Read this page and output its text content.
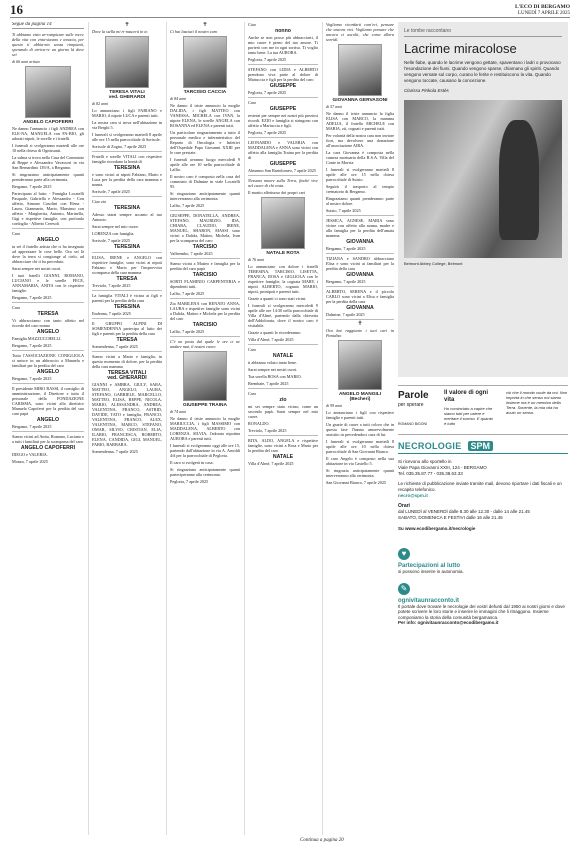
16	L'ECO DI BERGAMO
LUNEDÌ 7 APRILE 2025
Segue da pagina 14

Ti abbiamo visto ar-rampicare sulle rocce della vita con entu-siasmo e tenacia, per questo ti abbia-mo senza rimpianti, sperando di arriva-re un giorno là dove sei

di 66 anni artista

ANGELO CAPOFERRI

Ne danno l'annuncio i figli ANDREA con ELE-NA, MANUELA con FA-BIO, gli adorati nipoti, le sorelle e i fratelli.

I funerali si svolgeranno martedì alle ore 10 nella chiesa di Ognissanti.

La salma si trova nella Casa del Commiato di Beppe e Alessandro Vavassori in via San Bernardino 139/A, a Bergamo.

Si ringraziano anticipatamente quanti prenderanno parte alla cerimonia.

Bergamo, 7 aprile 2025

Partecipano al lutto: - Famiglia Locatelli Pasquale, Gabriella e Alessandro - Con affetto, Simone Casolini con Elena - Laura, Gianmario, Mario, Massimo con affetto - Margherita, Antonio, Marinella, Gigi e rispettive famiglie, con profondo cordoglio - Alberto Ceresoli

Caro

ANGELO

tu sei il fratello artista che ci ha insegnato ad apprezzare le cose belle. Ora sei là dove la terra si congiunge al cielo, ad abbracciare chi ti ha preceduto.

Sarai sempre nei nostri cuori.

I tuoi fratelli GIANNI, ROMANO, LUCIANO e le sorelle FECE, ANNAMARIA, ANITA con le rispettive famiglie.

Bergamo, 7 aprile 2025

Cara

TERESA

Vi abbracciamo con tanto affetto nel ricordo del caro nonno

ANGELO

Famiglia MAZZUCCHELLI.

Bergamo, 7 aprile 2025

Tutta l'ASSOCIAZIONE CONIGLIOLA si unisce in un abbraccio a Manuela e familiari per la perdita del caro

ANGELO

Bergamo, 7 aprile 2025

Il presidente MIRO BASSI, il consiglio di amministrazione, il Direttore e tutto il personale della FONDAZIONE CARISMA, sono vicini alla direttrice Manuela Capoferri per la perdita del suo caro papà

ANGELO

Bergamo, 7 aprile 2025

Siamo vicini ad Anita, Romano, Luciano e a tutti i familiari per la scomparsa del caro

ANGELO CAPOFERRI

DIEGO e VALERIA.

Monza, 7 aprile 2025

✝

Dove la stella mi ri-nascerà in te.

TERESA VITALI
ved. GHERARDI

di 82 anni

Lo annunciano i figli FABIANO e MARIO, il nipote LUCA e parenti tutti.

La nostra cara si trova nell'abitazione in via Berghi 5.

I funerali si svolgeranno martedì 8 aprile alle ore 15 nella parrocchiale di Sorisole.

Sorisole di Zogno, 7 aprile 2025

Fratelli e sorelle VITALI con rispettive famiglie ricordano la bontà di

TERESINA

e sono vicini ai nipoti Fabiano, Mario e Luca per la perdita della cara mamma e nonna.

Sorisole, 7 aprile 2025

Ciao zia

TERESINA

Adesso starai sempre accanto al tuo Antonio.

Sarai sempre nel mio cuore.

LORENZA con famiglia.

Sorisole, 7 aprile 2025

TERESINA

ELISA, IRENE e ANGELO con rispettive famiglie, sono vicini ai nipoti Fabiano e Mario per l'improvvisa scomparsa della cara mamma

TERESA

Treviolo, 7 aprile 2025

La famiglia VITALI è vicina ai figli e parenti per la perdita della cara

TERESINA

Endenna, 7 aprile 2025

Il GRUPPO ALPINI DI SOMENDENNA partecipa al lutto dei figli e parenti per la perdita della cara

TERESA

Somendenna, 7 aprile 2025

Siamo vicini a Mario e famiglia, in questo momento di dolore, per la perdita della cara mamma

TERESA VITALI
ved. GHERARDI

GIANNI e AMBRA, GIULY, SARA, MATTEO, ANGELO, LAURA, STEFANO, GABRIELE, MARCELLO, MATTEO, ELISA, BEPPE, NICOLA, MARIO, ALESSANDRA, ANDREA, VALENTINA, FRANCO, ASTRID, DAVIDE, TATO e famiglia, FRANCO, VALENTINA, FRANCO, ALEX, VALENTINA, MARCO, STEFANO, OMAR, SILVIO, CRISTIAN, ELIA, ILARIO, FRANCESCA, ROBERTO, ELENA, CANDIDA, GIGI, MANUEL, FABIO, BARBARA.

Somendenna, 7 aprile 2025

✝

Ci hai lasciati il nostro caro

TARCISIO CACCIA

di 84 anni

Ne danno il triste annuncio la moglie DALIDA, i figli MATTEO con VANESSA, MICHELA con IVAN, la nipote ELENA, le sorelle ANGELA con ROSANNA ed ELENA e parenti tutti.

Un particolare ringraziamento a tutto il personale medico e infermieristico del Reparto di Oncologia e Infettivi dell'Ospedale Papa Giovanni XXIII per le cure prestate.

I funerali avranno luogo mercoledì 9 aprile alle ore 10 nella parrocchiale di Lallio.

Il nostro caro è composto nella casa del commiato di Dalmine in viale Locatelli 95.

Si ringraziano anticipatamente quanti interverranno alla cerimonia.

Lallio, 7 aprile 2025

GIUSEPPE, DONATELLA, ANDREA, STEFANO, MAURIZIO, IDA, CHIARA, CLAUDIO, IRENE, MANUEL, SHARON, MASSI sono vicini a Dalida, Matteo, Michela, Ivan per la scomparsa del caro

TARCISIO

Valbrembo, 7 aprile 2025

Siamo vicini a Matteo e famiglia per la perdita del caro papà

TARCISIO

SORTI FLAMINIO CARPENTERIA e dipendenti tutti.

Lallio, 7 aprile 2025

Zia MARILENA con RENATO ANNA, LAURA e rispettive famiglie sono vicini a Dalida, Matteo e Michela per la perdita del caro

TARCISIO

Lallio, 7 aprile 2025

C'è un posto dal quale le ore ci ne andare mai, il nostro cuore.

GIUSEPPE TRAINA

di 74 anni

Ne danno il triste annuncio la moglie MARIUCCIA, i figli MASSIMO con MADDALENA, ALBERTO con LORENZA, SILVIA, l'adorata nipotina AURORA e parenti tutti.

I funerali si svolgeranno oggi alle ore 15, partendo dall'abitazione in via A. Arnoldi 4/d per la parrocchiale di Pegloria.

Il caro si svolgerà in casa.

Si ringraziano anticipatamente quanti parteciperanno alla cerimonia.

Pegloria, 7 aprile 2025

Ciao

nonno

Anche se non posso più abbracciarti, il mio cuore è pieno del tuo amore. Ti porterò con me in ogni sorriso. Ti voglio tanto bene. La tua AURORA.

Pegloria, 7 aprile 2025

STEFANO con LIDIA e ALBERTO prendono viva parte al dolore di Mariuccia e figli per la perdita del caro

GIUSEPPE

Pegloria, 7 aprile 2025

Caro

GIUSEPPE

resterai per sempre nei nostri più preziosi ricordi. EZIO e famiglia si stringono con affetto a Mariuccia e figli.

Pegloria, 7 aprile 2025

LEONARDO e VALERIA con MADDALENA e ANNA sono vicini con affetto alla famiglia Traina per la perdita di

GIUSEPPE

Almenno San Bartolomeo, 7 aprile 2025

Nessuno muore sulla Terra, finché vive nel cuore di chi resta.

Il marito affettuoso dei propri cari

NATALE ROTA

di 76 anni

Lo annunciano con dolore i fratelli TERESINA, TARCISIO, LISETTA, FRANCA, ROSA e GIGLIOLA con le rispettive famiglie, la cognata MARY, i nipoti ALBERTO, cognato MARIO, nipoti, pronipoti e parenti tutti.

Grazie a quanti ci sono stati vicini.

I funerali si svolgeranno mercoledì 9 aprile alle ore 14:30 nella parrocchiale di Villa d'Almè, partendo dalla chiesetta dell'Addolorata, dove il nostro caro è visitabile.

Grazie a quanti lo ricorderanno.

Villa d'Almè, 7 aprile 2025

Caro

NATALE

ti abbiamo voluto tanto bene.

Sarai sempre nei nostri cuori.

Tua sorella ROSA con MARIO.

Brembate, 7 aprile 2025

Caro

zio

mi sei sempre stato vicino, come un secondo papà. Sarai sempre nel mio cuore.

RONALDO.

Treviolo, 7 aprile 2025

RITA, ALDO, ANGELA e rispettive famiglie, sono vicini a Rosa e Mario per la perdita del caro

NATALE

Villa d'Almè, 7 aprile 2025

Vogliamo ricordarti com'eri, pensare che ancora vivi. Vogliamo pensare che ancora ci ascolti, che come allora sorridi.

GIOVANNA GERVASONI

di 57 anni

Ne danno il triste annuncio la figlia ELISA con MARCO, la mamma ADELIA, il fratello MICHELE con MARIA, zii, cognati e parenti tutti.

Per volontà della nostra cara non inviare fiori, ma devolvere una donazione all'associazione AIRA.

La cara Giovanna è composta nella camera mortuaria della R.S.A. Villa del Conte in Morsia.

I funerali si svolgeranno martedì 8 aprile alle ore 15 nella chiesa parrocchiale di Suisio.

Seguirà il trasporto al tempio crematorio di Bergamo.

Ringraziamo quanti prenderanno parte al nostro dolore.

Suisio, 7 aprile 2025

JESSICA, AGNESE, MARIA sono vicine con affetto alla nonna, madre e alla famiglia per la perdita dell'amata mamma

GIOVANNA

Bergamo, 7 aprile 2025

TIZIANA e SANDRO abbracciano Elisa e sono vicini ai familiari per la perdita della cara

GIOVANNA

Bergamo, 7 aprile 2025

ALBERTO, SERENA e il piccolo CARLO sono vicini a Elisa e famiglia per la perdita della cara

GIOVANNA

Dalmine, 7 aprile 2025

✝

Ora hai raggiunto i tuoi cari in Paradiso

ANGELO MANGILI
(Becheri)

di 99 anni

Lo annunciano i figli con rispettive famiglie e parenti tutti.

Un grazie di cuore a tutti coloro che in questa fase l'hanno amorevolmente assistito in precedendoci cura di lui.

I funerali si svolgeranno martedì 8 aprile alle ore 10 nella chiesa parrocchiale di San Giovanni Bianco.

Il caro Angelo è composto nella sua abitazione in via Castello 5.

Si ringrazia anticipatamente quanti interverranno alla cerimonia.

San Giovanni Bianco, 7 aprile 2025

Continua a pagina 20
Le tombe raccontano
Lacrime miracolose

Nelle fiabe, quando le lacrime vengono gettate, spaventano i ladri o provocano l'esondazione dei fiumi. Quando vengono sparse, chiamano gli spiriti. Quando vengono versate sul corpo, curano le ferite e restituiscono la vita. Quando vengono toccate, causano la concezione.

Clarissa Pinkola Estés

Belmont Abbey College, Belmont
Parole
per sperare
ROMANO BIGONI
Il valore di ogni vita
Ho cominciato a capire che siamo tutti per valere e meritare il sorriso. E quanto è tutto
ciò che il mondo vuole da noi. Non importa in che senso noi siamo insieme ma è un membro della Terra. Sovente, la mia vita ha avuto un senso.
NECROLOGIE	SPM
Si ricevono allo sportello in
Viale Papa Giovanni XXIII, 124 - BERGAMO
Tel. 035.35.87.77 - 035.38.63.33
Le richieste di pubblicazione inviate tramite mail, devono riportare i dati fiscali e un recapito telefonico.
necro@spm.it
Orari
dal LUNEDÌ al VENERDÌ dalle 8.30 alle 12.30 - dalle 14 alle 21.45
SABATO, DOMENICA E FESTIVI dalle 16 alle 21.45
Su www.ecodibergamo.it/necrologie
♥
Partecipazioni al lutto
si possono inserire in autonomia.
✎
ognivitaunracconto.it
Il portale dove trovare le necrologie dei vostri defunti dal 1950 ai nostri giorni e dove potete scrivere le loro storie e inserire le immagini che li ritraggono. Insieme componiamo la storia della comunità bergamasca.
Per info: ognivitaunracconto@ecodibergamo.it
